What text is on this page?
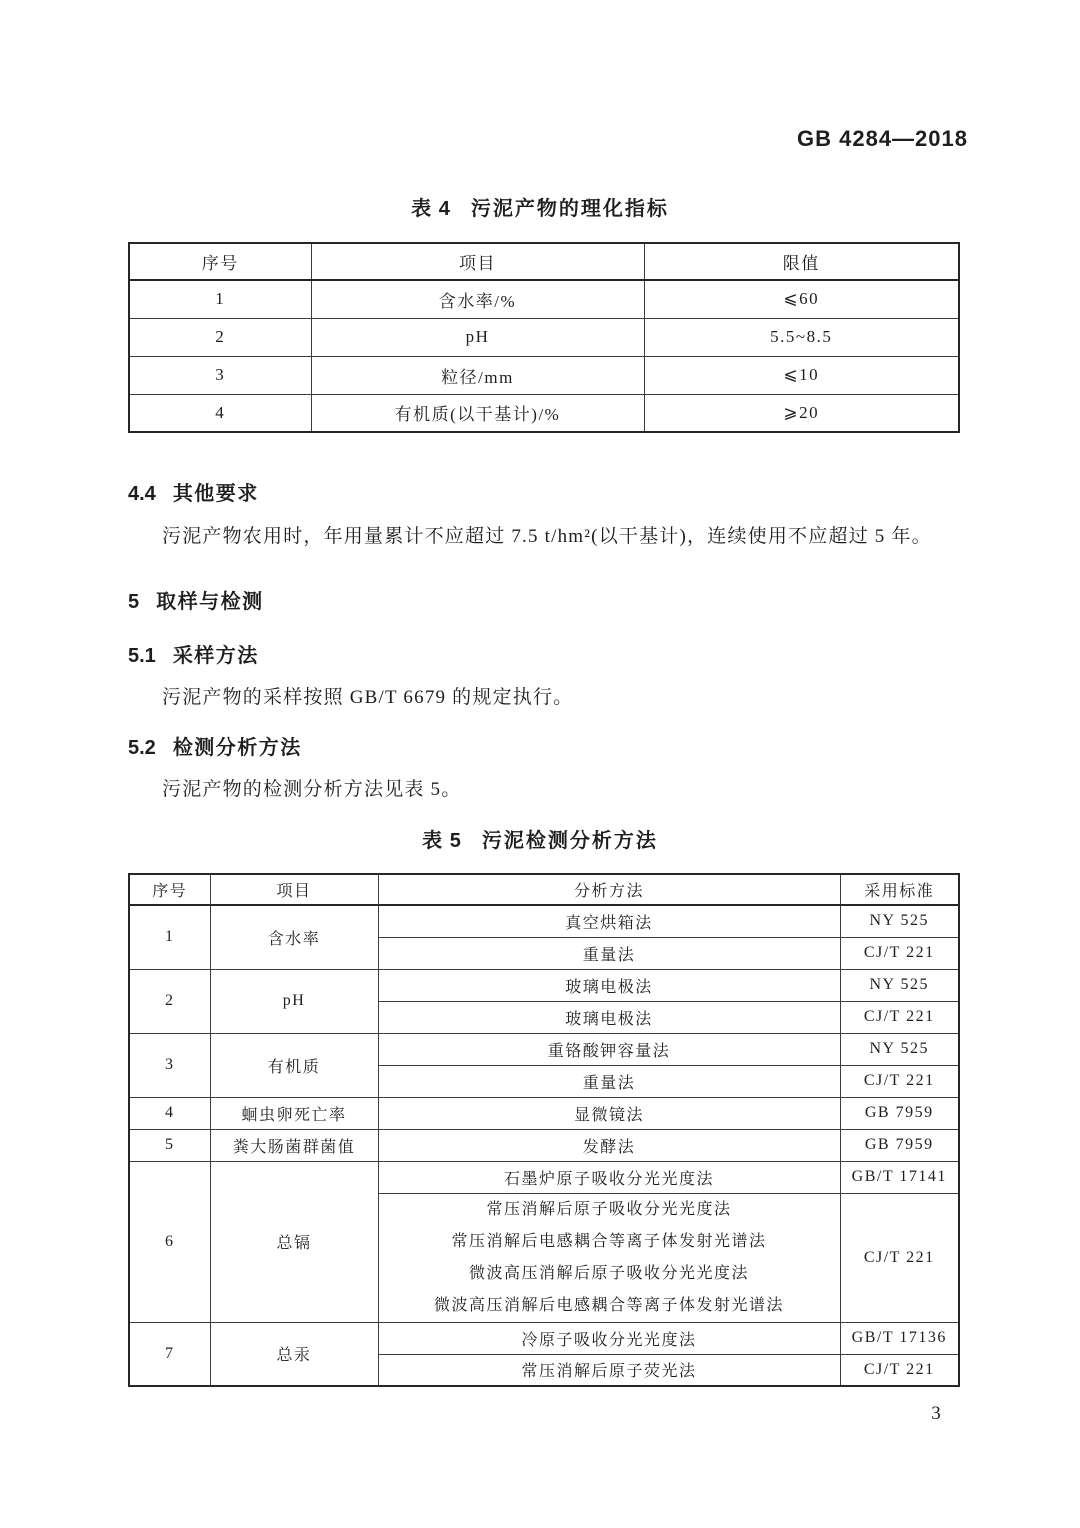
GB 4284—2018
表 4 污泥产物的理化指标
序号	项目	限值
1	含水率/%	⩽60
2	pH	5.5~8.5
3	粒径/mm	⩽10
4	有机质(以干基计)/%	⩾20
4.4 其他要求
污泥产物农用时，年用量累计不应超过 7.5 t/hm²(以干基计)，连续使用不应超过 5 年。
5 取样与检测
5.1 采样方法
污泥产物的采样按照 GB/T 6679 的规定执行。
5.2 检测分析方法
污泥产物的检测分析方法见表 5。
表 5 污泥检测分析方法
序号	项目	分析方法	采用标准
1	含水率	真空烘箱法	NY 525
		重量法	CJ/T 221
2	pH	玻璃电极法	NY 525
		玻璃电极法	CJ/T 221
3	有机质	重铬酸钾容量法	NY 525
		重量法	CJ/T 221
4	蛔虫卵死亡率	显微镜法	GB 7959
5	粪大肠菌群菌值	发酵法	GB 7959
6	总镉	石墨炉原子吸收分光光度法	GB/T 17141

		常压消解后原子吸收分光光度法
常压消解后电感耦合等离子体发射光谱法
微波高压消解后原子吸收分光光度法
微波高压消解后电感耦合等离子体发射光谱法	CJ/T 221
7	总汞	冷原子吸收分光光度法	GB/T 17136
		常压消解后原子荧光法	CJ/T 221
3
